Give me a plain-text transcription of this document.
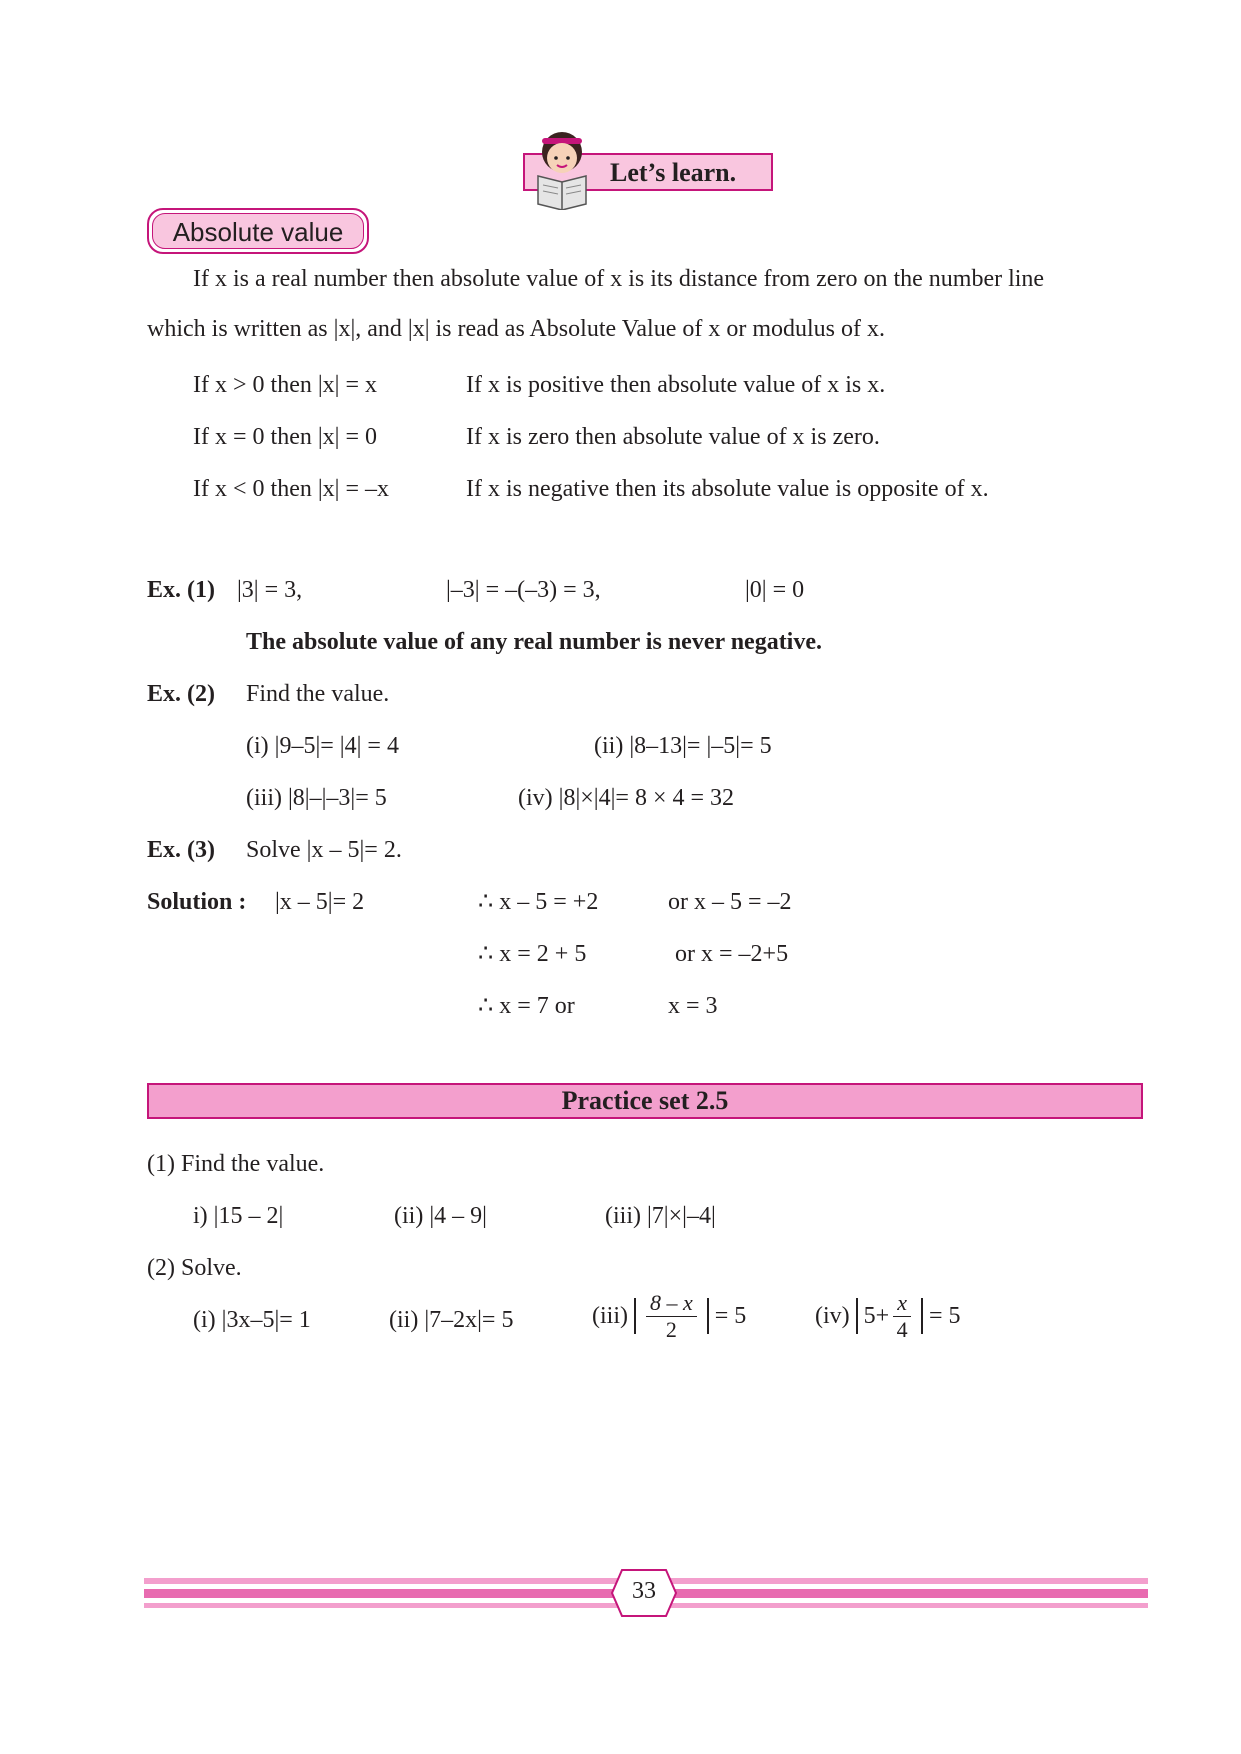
Let’s learn.
Absolute value
If x is a real number then absolute value of x is its distance from zero on the number line
which is written as |x|, and |x| is read as Absolute Value of x or modulus of x.
If x > 0 then |x| = x	If x is positive then absolute value of x is x.
If x = 0 then |x| = 0	If x is zero then absolute value of x is zero.
If x < 0 then |x| = –x	If x is negative then its absolute value is opposite of x.
Ex. (1) |3| = 3,	|–3| = –(–3) = 3,	|0| = 0
The absolute value of any real number is never negative.
Ex. (2) Find the value.
(i) |9–5|= |4| = 4	(ii) |8–13|= |–5|= 5
(iii) |8|–|–3|= 5	(iv) |8|×|4|= 8 × 4 = 32
Ex. (3) Solve |x – 5|= 2.
Solution : |x – 5|= 2	∴ x – 5 = +2	or x – 5 = –2
∴ x = 2 + 5	or x = –2+5
∴ x = 7 or	x = 3
Practice set 2.5
(1) Find the value.
i) |15 – 2|	(ii) |4 – 9|	(iii) |7|×|–4|
(2) Solve.
(i) |3x–5|= 1	(ii) |7–2x|= 5	$(iii) \frac{8 - x}{2} = 5$	(iv) $5+ \frac{x}{4} = 5$
33
